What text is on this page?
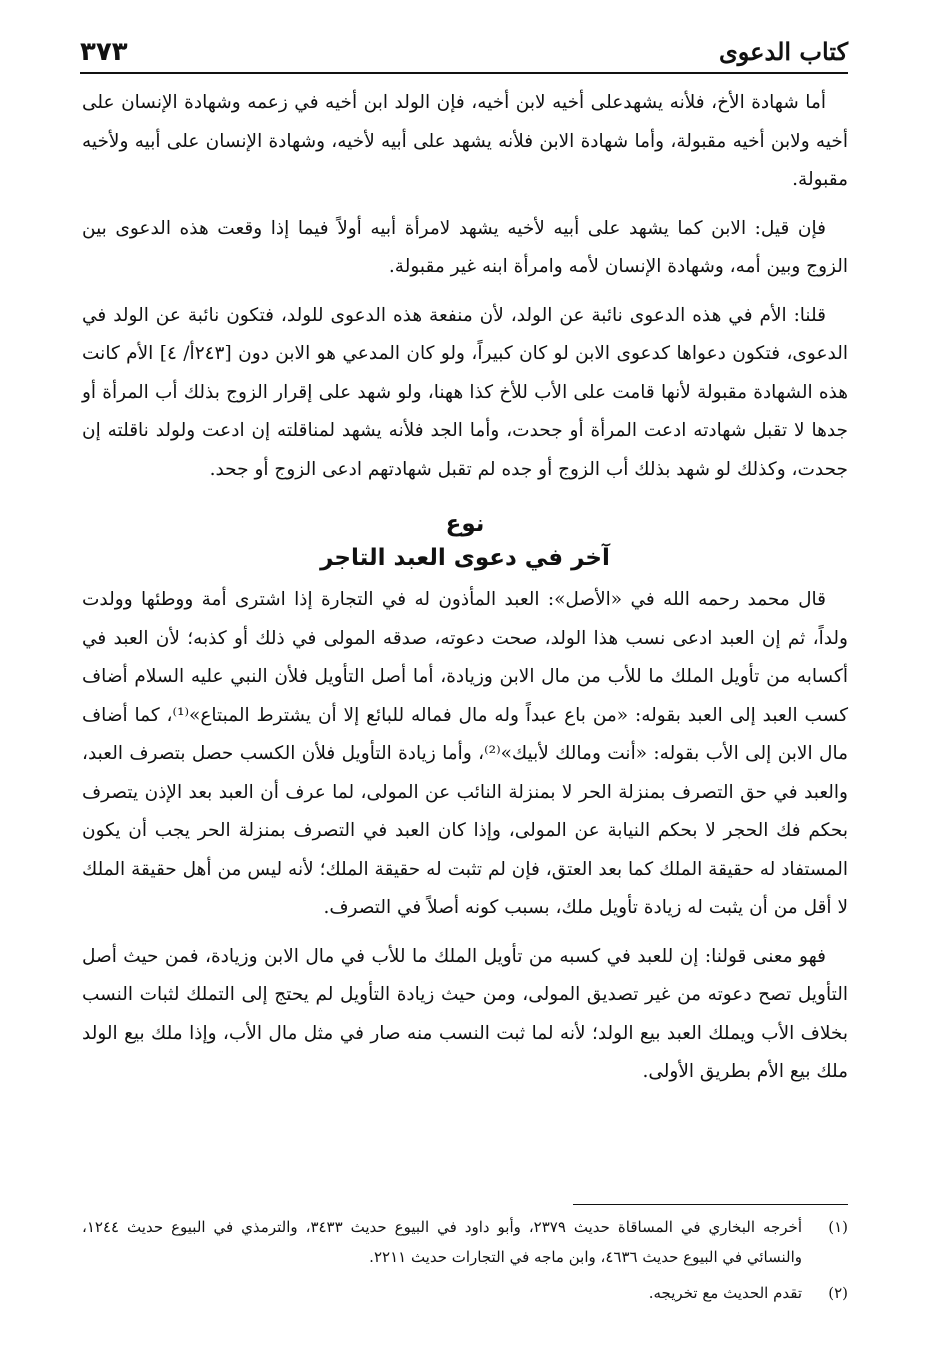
كتاب الدعوى
٣٧٣

أما شهادة الأخ، فلأنه يشهدعلى أخيه لابن أخيه، فإن الولد ابن أخيه في زعمه وشهادة الإنسان على أخيه ولابن أخيه مقبولة، وأما شهادة الابن فلأنه يشهد على أبيه لأخيه، وشهادة الإنسان على أبيه ولأخيه مقبولة.

فإن قيل: الابن كما يشهد على أبيه لأخيه يشهد لامرأة أبيه أولاً فيما إذا وقعت هذه الدعوى بين الزوج وبين أمه، وشهادة الإنسان لأمه وامرأة ابنه غير مقبولة.

قلنا: الأم في هذه الدعوى نائبة عن الولد، لأن منفعة هذه الدعوى للولد، فتكون نائبة عن الولد في الدعوى، فتكون دعواها كدعوى الابن لو كان كبيراً، ولو كان المدعي هو الابن دون [٢٤٣أ/ ٤] الأم كانت هذه الشهادة مقبولة لأنها قامت على الأب للأخ كذا ههنا، ولو شهد على إقرار الزوج بذلك أب المرأة أو جدها لا تقبل شهادته ادعت المرأة أو جحدت، وأما الجد فلأنه يشهد لمناقلته إن ادعت ولولد ناقلته إن جحدت، وكذلك لو شهد بذلك أب الزوج أو جده لم تقبل شهادتهم ادعى الزوج أو جحد.

نوع
آخر في دعوى العبد التاجر

قال محمد رحمه الله في «الأصل»: العبد المأذون له في التجارة إذا اشترى أمة ووطئها وولدت ولداً، ثم إن العبد ادعى نسب هذا الولد، صحت دعوته، صدقه المولى في ذلك أو كذبه؛ لأن العبد في أكسابه من تأويل الملك ما للأب من مال الابن وزيادة، أما أصل التأويل فلأن النبي عليه السلام أضاف كسب العبد إلى العبد بقوله: «من باع عبداً وله مال فماله للبائع إلا أن يشترط المبتاع»⁽¹⁾، كما أضاف مال الابن إلى الأب بقوله: «أنت ومالك لأبيك»⁽²⁾، وأما زيادة التأويل فلأن الكسب حصل بتصرف العبد، والعبد في حق التصرف بمنزلة الحر لا بمنزلة النائب عن المولى، لما عرف أن العبد بعد الإذن يتصرف بحكم فك الحجر لا بحكم النيابة عن المولى، وإذا كان العبد في التصرف بمنزلة الحر يجب أن يكون المستفاد له حقيقة الملك كما بعد العتق، فإن لم تثبت له حقيقة الملك؛ لأنه ليس من أهل حقيقة الملك لا أقل من أن يثبت له زيادة تأويل ملك، بسبب كونه أصلاً في التصرف.

فهو معنى قولنا: إن للعبد في كسبه من تأويل الملك ما للأب في مال الابن وزيادة، فمن حيث أصل التأويل تصح دعوته من غير تصديق المولى، ومن حيث زيادة التأويل لم يحتج إلى التملك لثبات النسب بخلاف الأب ويملك العبد بيع الولد؛ لأنه لما ثبت النسب منه صار في مثل مال الأب، وإذا ملك بيع الولد ملك بيع الأم بطريق الأولى.

(١)
أخرجه البخاري في المساقاة حديث ٢٣٧٩، وأبو داود في البيوع حديث ٣٤٣٣، والترمذي في البيوع حديث ١٢٤٤، والنسائي في البيوع حديث ٤٦٣٦، وابن ماجه في التجارات حديث ٢٢١١.
(٢)
تقدم الحديث مع تخريجه.
